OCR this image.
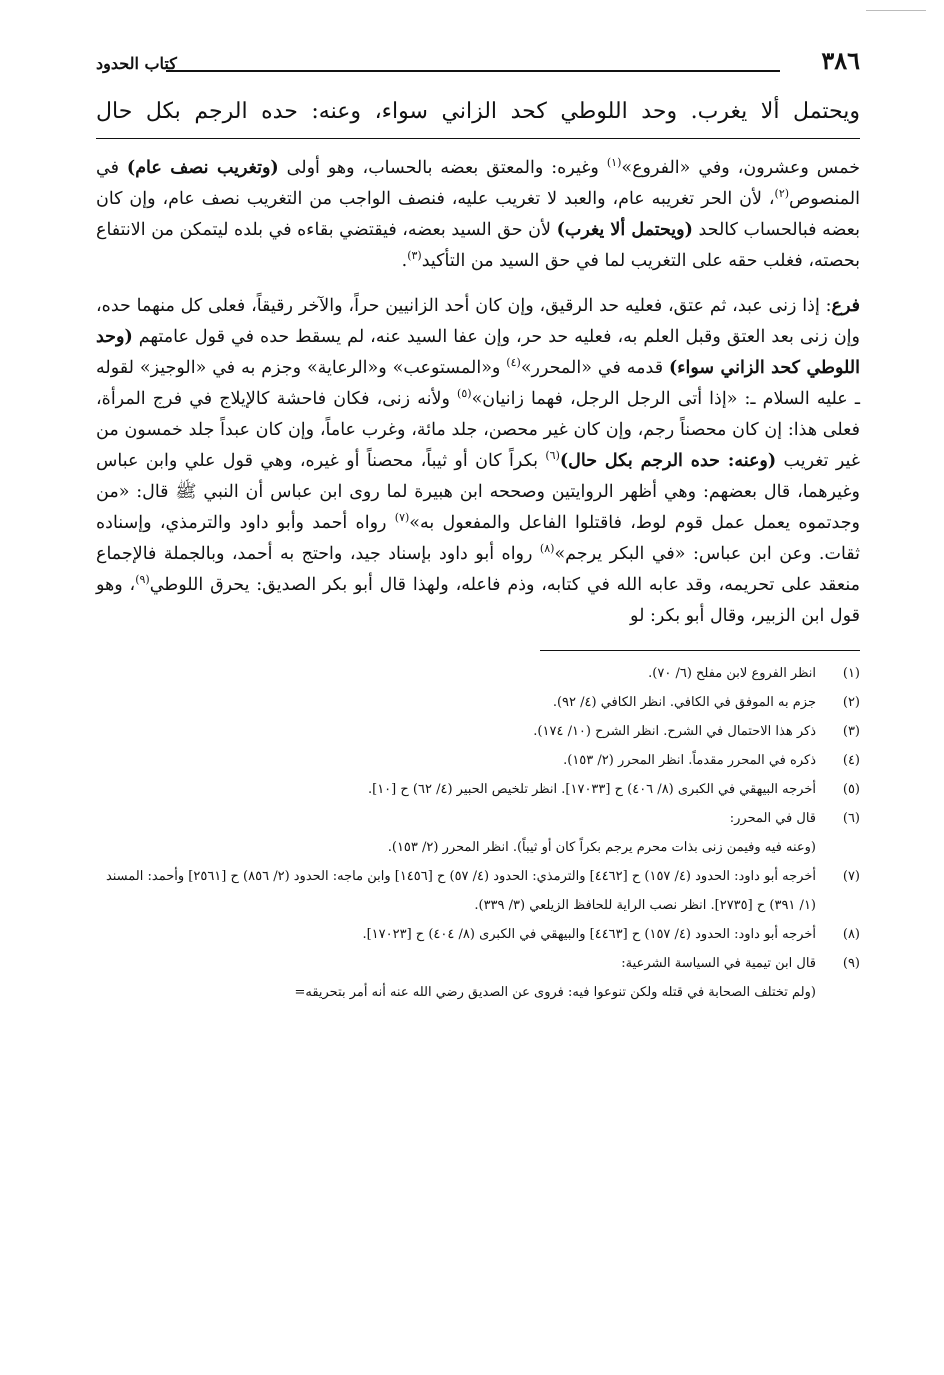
٣٨٦
كتاب الحدود

ويحتمل ألا يغرب. وحد اللوطي كحد الزاني سواء، وعنه: حده الرجم بكل حال

خمس وعشرون، وفي «الفروع»$^{(١)}$ وغيره: والمعتق بعضه بالحساب، وهو أولى (وتغريب نصف عام) في المنصوص$^{(٢)}$، لأن الحر تغريبه عام، والعبد لا تغريب عليه، فنصف الواجب من التغريب نصف عام، وإن كان بعضه فبالحساب كالحد (ويحتمل ألا يغرب) لأن حق السيد بعضه، فيقتضي بقاءه في بلده ليتمكن من الانتفاع بحصته، فغلب حقه على التغريب لما في حق السيد من التأكيد$^{(٣)}$.

فرع: إذا زنى عبد، ثم عتق، فعليه حد الرقيق، وإن كان أحد الزانيين حراً، والآخر رقيقاً، فعلى كل منهما حده، وإن زنى بعد العتق وقبل العلم به، فعليه حد حر، وإن عفا السيد عنه، لم يسقط حده في قول عامتهم (وحد اللوطي كحد الزاني سواء) قدمه في «المحرر»$^{(٤)}$ و«المستوعب» و«الرعاية» وجزم به في «الوجيز» لقوله ـ عليه السلام ـ: «إذا أتى الرجل الرجل، فهما زانيان»$^{(٥)}$ ولأنه زنى، فكان فاحشة كالإيلاج في فرج المرأة، فعلى هذا: إن كان محصناً رجم، وإن كان غير محصن، جلد مائة، وغرب عاماً، وإن كان عبداً جلد خمسون من غير تغريب (وعنه: حده الرجم بكل حال)$^{(٦)}$ بكراً كان أو ثيباً، محصناً أو غيره، وهي قول علي وابن عباس وغيرهما، قال بعضهم: وهي أظهر الروايتين وصححه ابن هبيرة لما روى ابن عباس أن النبي ﷺ قال: «من وجدتموه يعمل عمل قوم لوط، فاقتلوا الفاعل والمفعول به»$^{(٧)}$ رواه أحمد وأبو داود والترمذي، وإسناده ثقات. وعن ابن عباس: «في البكر يرجم»$^{(٨)}$ رواه أبو داود بإسناد جيد، واحتج به أحمد، وبالجملة فالإجماع منعقد على تحريمه، وقد عابه الله في كتابه، وذم فاعله، ولهذا قال أبو بكر الصديق: يحرق اللوطي$^{(٩)}$، وهو قول ابن الزبير، وقال أبو بكر: لو

(١)
انظر الفروع لابن مفلح (٦/ ٧٠).
(٢)
جزم به الموفق في الكافي. انظر الكافي (٤/ ٩٢).
(٣)
ذكر هذا الاحتمال في الشرح. انظر الشرح (١٠/ ١٧٤).
(٤)
ذكره في المحرر مقدماً. انظر المحرر (٢/ ١٥٣).
(٥)
أخرجه البيهقي في الكبرى (٨/ ٤٠٦) ح [١٧٠٣٣]. انظر تلخيص الحبير (٤/ ٦٢) ح [١٠].
(٦)
قال في المحرر:
(وعنه فيه وفيمن زنى بذات محرم يرجم بكراً كان أو ثيباً). انظر المحرر (٢/ ١٥٣).
(٧)
أخرجه أبو داود: الحدود (٤/ ١٥٧) ح [٤٤٦٢] والترمذي: الحدود (٤/ ٥٧) ح [١٤٥٦] وابن ماجه: الحدود (٢/ ٨٥٦) ح [٢٥٦١] وأحمد: المسند (١/ ٣٩١) ح [٢٧٣٥]. انظر نصب الراية للحافظ الزيلعي (٣/ ٣٣٩).
(٨)
أخرجه أبو داود: الحدود (٤/ ١٥٧) ح [٤٤٦٣] والبيهقي في الكبرى (٨/ ٤٠٤) ح [١٧٠٢٣].
(٩)
قال ابن تيمية في السياسة الشرعية:
(ولم تختلف الصحابة في قتله ولكن تنوعوا فيه: فروى عن الصديق رضي الله عنه أنه أمر بتحريقه=
